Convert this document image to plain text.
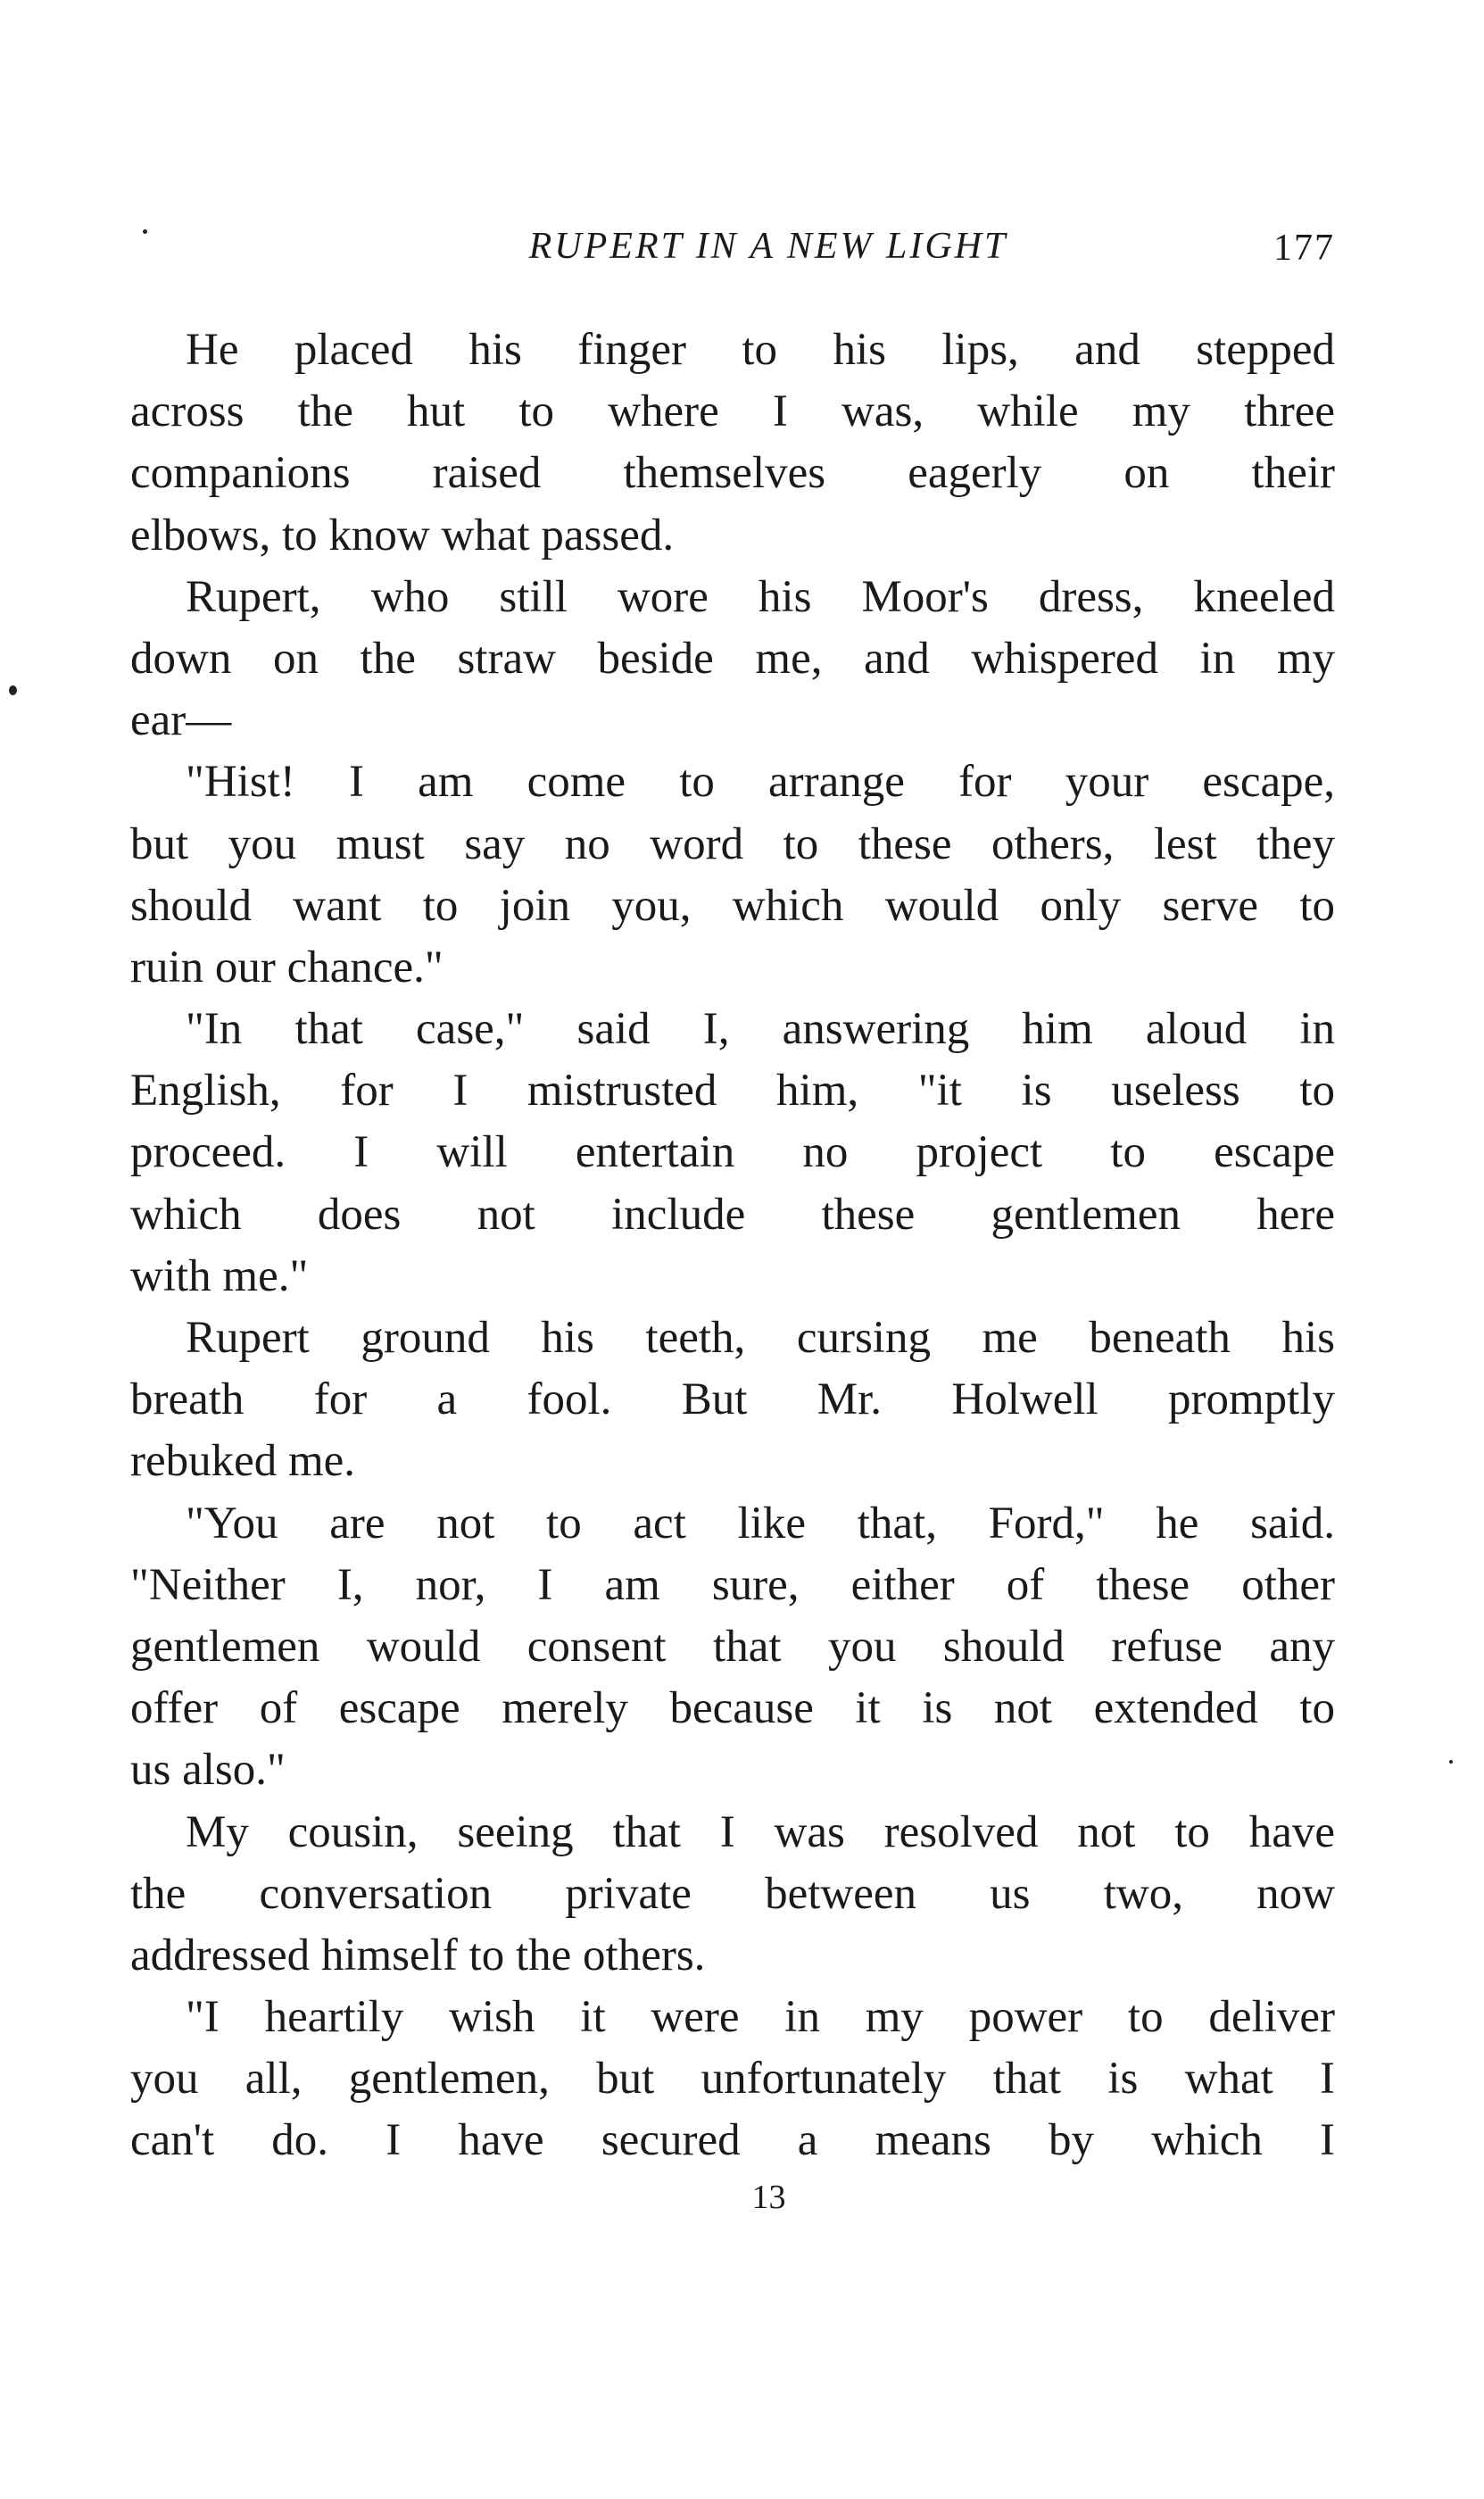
RUPERT IN A NEW LIGHT	177
He placed his finger to his lips, and stepped
across the hut to where I was, while my three
companions raised themselves eagerly on their
elbows, to know what passed.
Rupert, who still wore his Moor's dress, kneeled
down on the straw beside me, and whispered in my
ear—
"Hist! I am come to arrange for your escape,
but you must say no word to these others, lest they
should want to join you, which would only serve to
ruin our chance."
"In that case," said I, answering him aloud in
English, for I mistrusted him, "it is useless to
proceed. I will entertain no project to escape
which does not include these gentlemen here
with me."
Rupert ground his teeth, cursing me beneath his
breath for a fool. But Mr. Holwell promptly
rebuked me.
"You are not to act like that, Ford," he said.
"Neither I, nor, I am sure, either of these other
gentlemen would consent that you should refuse any
offer of escape merely because it is not extended to
us also."
My cousin, seeing that I was resolved not to have
the conversation private between us two, now
addressed himself to the others.
"I heartily wish it were in my power to deliver
you all, gentlemen, but unfortunately that is what I
can't do. I have secured a means by which I
13
